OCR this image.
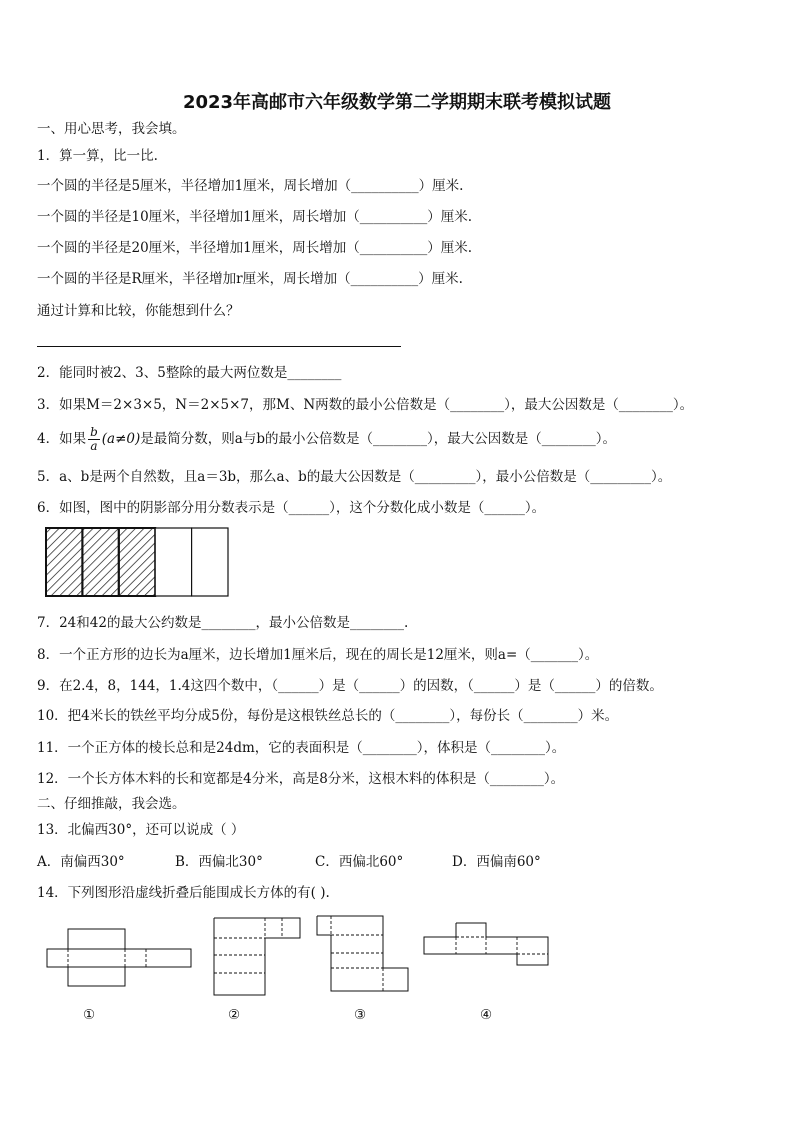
2023年高邮市六年级数学第二学期期末联考模拟试题
一、用心思考，我会填。
1．算一算，比一比.
一个圆的半径是5厘米，半径增加1厘米，周长增加（__________）厘米.
一个圆的半径是10厘米，半径增加1厘米，周长增加（__________）厘米.
一个圆的半径是20厘米，半径增加1厘米，周长增加（__________）厘米.
一个圆的半径是R厘米，半径增加r厘米，周长增加（__________）厘米.
通过计算和比较，你能想到什么？
2．能同时被2、3、5整除的最大两位数是________
3．如果M＝2×3×5，N＝2×5×7，那M、N两数的最小公倍数是（________），最大公因数是（________）。
4．如果 $\frac{b}{a} (a\ne 0)$是最简分数，则a与b的最小公倍数是（________），最大公因数是（________）。
5．a、b是两个自然数，且a＝3b，那么a、b的最大公因数是（_________），最小公倍数是（_________）。
6．如图，图中的阴影部分用分数表示是（______），这个分数化成小数是（______）。
7．24和42的最大公约数是________，最小公倍数是________.
8．一个正方形的边长为a厘米，边长增加1厘米后，现在的周长是12厘米，则a=（_______）。
9．在2.4，8，144，1.4这四个数中，（______）是（______）的因数，（______）是（______）的倍数。
10．把4米长的铁丝平均分成5份，每份是这根铁丝总长的（________），每份长（________）米。
11．一个正方体的棱长总和是24dm，它的表面积是（________），体积是（________）。
12．一个长方体木料的长和宽都是4分米，高是8分米，这根木料的体积是（________）。
二、仔细推敲，我会选。
13．北偏西30°，还可以说成（ ）
A．南偏西30°	B．西偏北30°	C．西偏北60°	D．西偏南60°
14．下列图形沿虚线折叠后能围成长方体的有( ).
①	②	③	④
